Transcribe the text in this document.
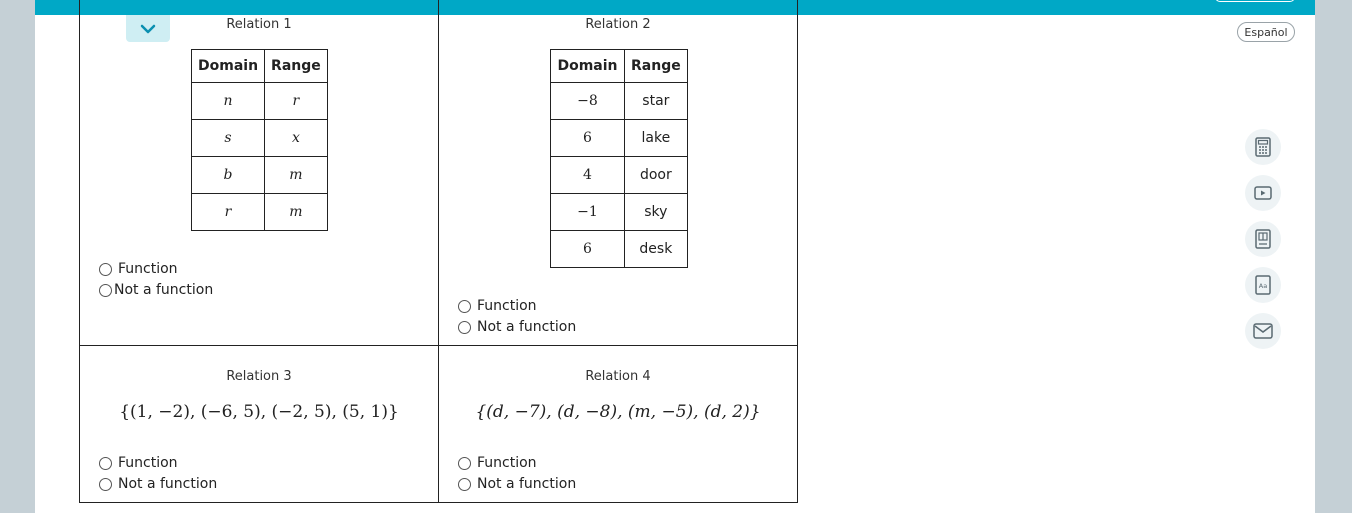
Español
Relation 1
Domain	Range
n	r
s	x
b	m
r	m
Function
Not a function
Relation 2
Domain	Range
−8	star
6	lake
4	door
−1	sky
6	desk
Function
Not a function
Relation 3
{(1, −2), (−6, 5), (−2, 5), (5, 1)}
Function
Not a function
Relation 4
{(d, −7), (d, −8), (m, −5), (d, 2)}
Function
Not a function
Aa
